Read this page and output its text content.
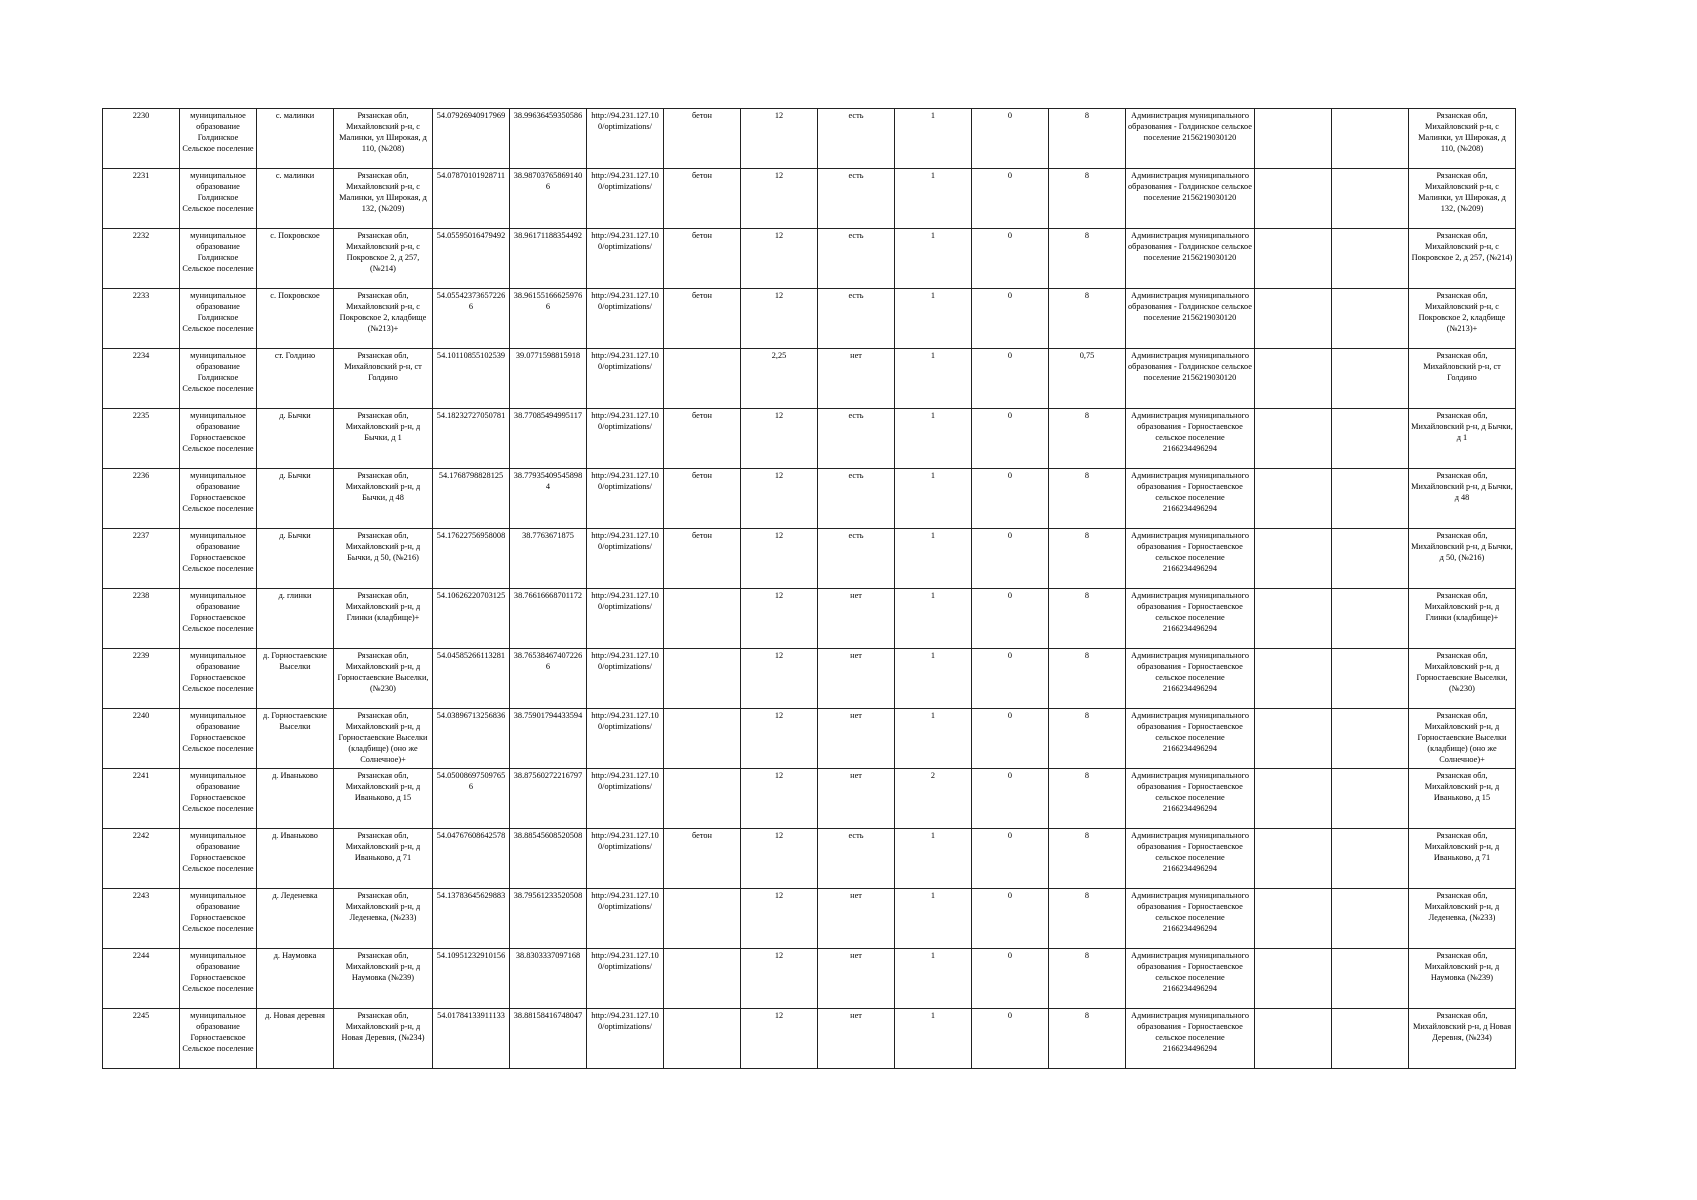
2230	муниципальное образование Голдинское Сельское поселение	с. малинки	Рязанская обл, Михайловский р-н, с Малинки, ул Широкая, д 110, (№208)	54.07926940917969	38.99636459350586	http://94.231.127.100/optimizations/	бетон	12	есть	1	0	8	Администрация муниципального образования - Голдинское сельское поселение 2156219030120			Рязанская обл, Михайловский р-н, с Малинки, ул Широкая, д 110, (№208)
2231	муниципальное образование Голдинское Сельское поселение	с. малинки	Рязанская обл, Михайловский р-н, с Малинки, ул Широкая, д 132, (№209)	54.07870101928711	38.98703765869140 6	http://94.231.127.100/optimizations/	бетон	12	есть	1	0	8	Администрация муниципального образования - Голдинское сельское поселение 2156219030120			Рязанская обл, Михайловский р-н, с Малинки, ул Широкая, д 132, (№209)
2232	муниципальное образование Голдинское Сельское поселение	с. Покровское	Рязанская обл, Михайловский р-н, с Покровское 2, д 257, (№214)	54.05595016479492	38.96171188354492	http://94.231.127.100/optimizations/	бетон	12	есть	1	0	8	Администрация муниципального образования - Голдинское сельское поселение 2156219030120			Рязанская обл, Михайловский р-н, с Покровское 2, д 257, (№214)
2233	муниципальное образование Голдинское Сельское поселение	с. Покровское	Рязанская обл, Михайловский р-н, с Покровское 2, кладбище (№213)+	54.05542373657226 6	38.96155166625976 6	http://94.231.127.100/optimizations/	бетон	12	есть	1	0	8	Администрация муниципального образования - Голдинское сельское поселение 2156219030120			Рязанская обл, Михайловский р-н, с Покровское 2, кладбище (№213)+
2234	муниципальное образование Голдинское Сельское поселение	ст. Голдино	Рязанская обл, Михайловский р-н, ст Голдино	54.10110855102539	39.0771598815918	http://94.231.127.100/optimizations/		2,25	нет	1	0	0,75	Администрация муниципального образования - Голдинское сельское поселение 2156219030120			Рязанская обл, Михайловский р-н, ст Голдино
2235	муниципальное образование Горностаевское Сельское поселение	д. Бычки	Рязанская обл, Михайловский р-н, д Бычки, д 1	54.18232727050781	38.77085494995117	http://94.231.127.100/optimizations/	бетон	12	есть	1	0	8	Администрация муниципального образования - Горностаевское сельское поселение 2166234496294			Рязанская обл, Михайловский р-н, д Бычки, д 1
2236	муниципальное образование Горностаевское Сельское поселение	д. Бычки	Рязанская обл, Михайловский р-н, д Бычки, д 48	54.1768798828125	38.77935409545898 4	http://94.231.127.100/optimizations/	бетон	12	есть	1	0	8	Администрация муниципального образования - Горностаевское сельское поселение 2166234496294			Рязанская обл, Михайловский р-н, д Бычки, д 48
2237	муниципальное образование Горностаевское Сельское поселение	д. Бычки	Рязанская обл, Михайловский р-н, д Бычки, д 50, (№216)	54.17622756958008	38.7763671875	http://94.231.127.100/optimizations/	бетон	12	есть	1	0	8	Администрация муниципального образования - Горностаевское сельское поселение 2166234496294			Рязанская обл, Михайловский р-н, д Бычки, д 50, (№216)
2238	муниципальное образование Горностаевское Сельское поселение	д. глинки	Рязанская обл, Михайловский р-н, д Глинки (кладбище)+	54.10626220703125	38.76616668701172	http://94.231.127.100/optimizations/		12	нет	1	0	8	Администрация муниципального образования - Горностаевское сельское поселение 2166234496294			Рязанская обл, Михайловский р-н, д Глинки (кладбище)+
2239	муниципальное образование Горностаевское Сельское поселение	д. Горностаевские Выселки	Рязанская обл, Михайловский р-н, д Горностаевские Выселки, (№230)	54.04585266113281	38.76538467407226 6	http://94.231.127.100/optimizations/		12	нет	1	0	8	Администрация муниципального образования - Горностаевское сельское поселение 2166234496294			Рязанская обл, Михайловский р-н, д Горностаевские Выселки, (№230)
2240	муниципальное образование Горностаевское Сельское поселение	д. Горностаевские Выселки	Рязанская обл, Михайловский р-н, д Горностаевские Выселки (кладбище) (оно же Солнечное)+	54.03896713256836	38.75901794433594	http://94.231.127.100/optimizations/		12	нет	1	0	8	Администрация муниципального образования - Горностаевское сельское поселение 2166234496294			Рязанская обл, Михайловский р-н, д Горностаевские Выселки (кладбище) (оно же Солнечное)+
2241	муниципальное образование Горностаевское Сельское поселение	д. Иваньково	Рязанская обл, Михайловский р-н, д Иваньково, д 15	54.05008697509765 6	38.87560272216797	http://94.231.127.100/optimizations/		12	нет	2	0	8	Администрация муниципального образования - Горностаевское сельское поселение 2166234496294			Рязанская обл, Михайловский р-н, д Иваньково, д 15
2242	муниципальное образование Горностаевское Сельское поселение	д. Иваньково	Рязанская обл, Михайловский р-н, д Иваньково, д 71	54.04767608642578	38.88545608520508	http://94.231.127.100/optimizations/	бетон	12	есть	1	0	8	Администрация муниципального образования - Горностаевское сельское поселение 2166234496294			Рязанская обл, Михайловский р-н, д Иваньково, д 71
2243	муниципальное образование Горностаевское Сельское поселение	д. Леденевка	Рязанская обл, Михайловский р-н, д Леденевка, (№233)	54.13783645629883	38.79561233520508	http://94.231.127.100/optimizations/		12	нет	1	0	8	Администрация муниципального образования - Горностаевское сельское поселение 2166234496294			Рязанская обл, Михайловский р-н, д Леденевка, (№233)
2244	муниципальное образование Горностаевское Сельское поселение	д. Наумовка	Рязанская обл, Михайловский р-н, д Наумовка (№239)	54.10951232910156	38.8303337097168	http://94.231.127.100/optimizations/		12	нет	1	0	8	Администрация муниципального образования - Горностаевское сельское поселение 2166234496294			Рязанская обл, Михайловский р-н, д Наумовка (№239)
2245	муниципальное образование Горностаевское Сельское поселение	д. Новая деревня	Рязанская обл, Михайловский р-н, д Новая Деревня, (№234)	54.01784133911133	38.88158416748047	http://94.231.127.100/optimizations/		12	нет	1	0	8	Администрация муниципального образования - Горностаевское сельское поселение 2166234496294			Рязанская обл, Михайловский р-н, д Новая Деревня, (№234)
